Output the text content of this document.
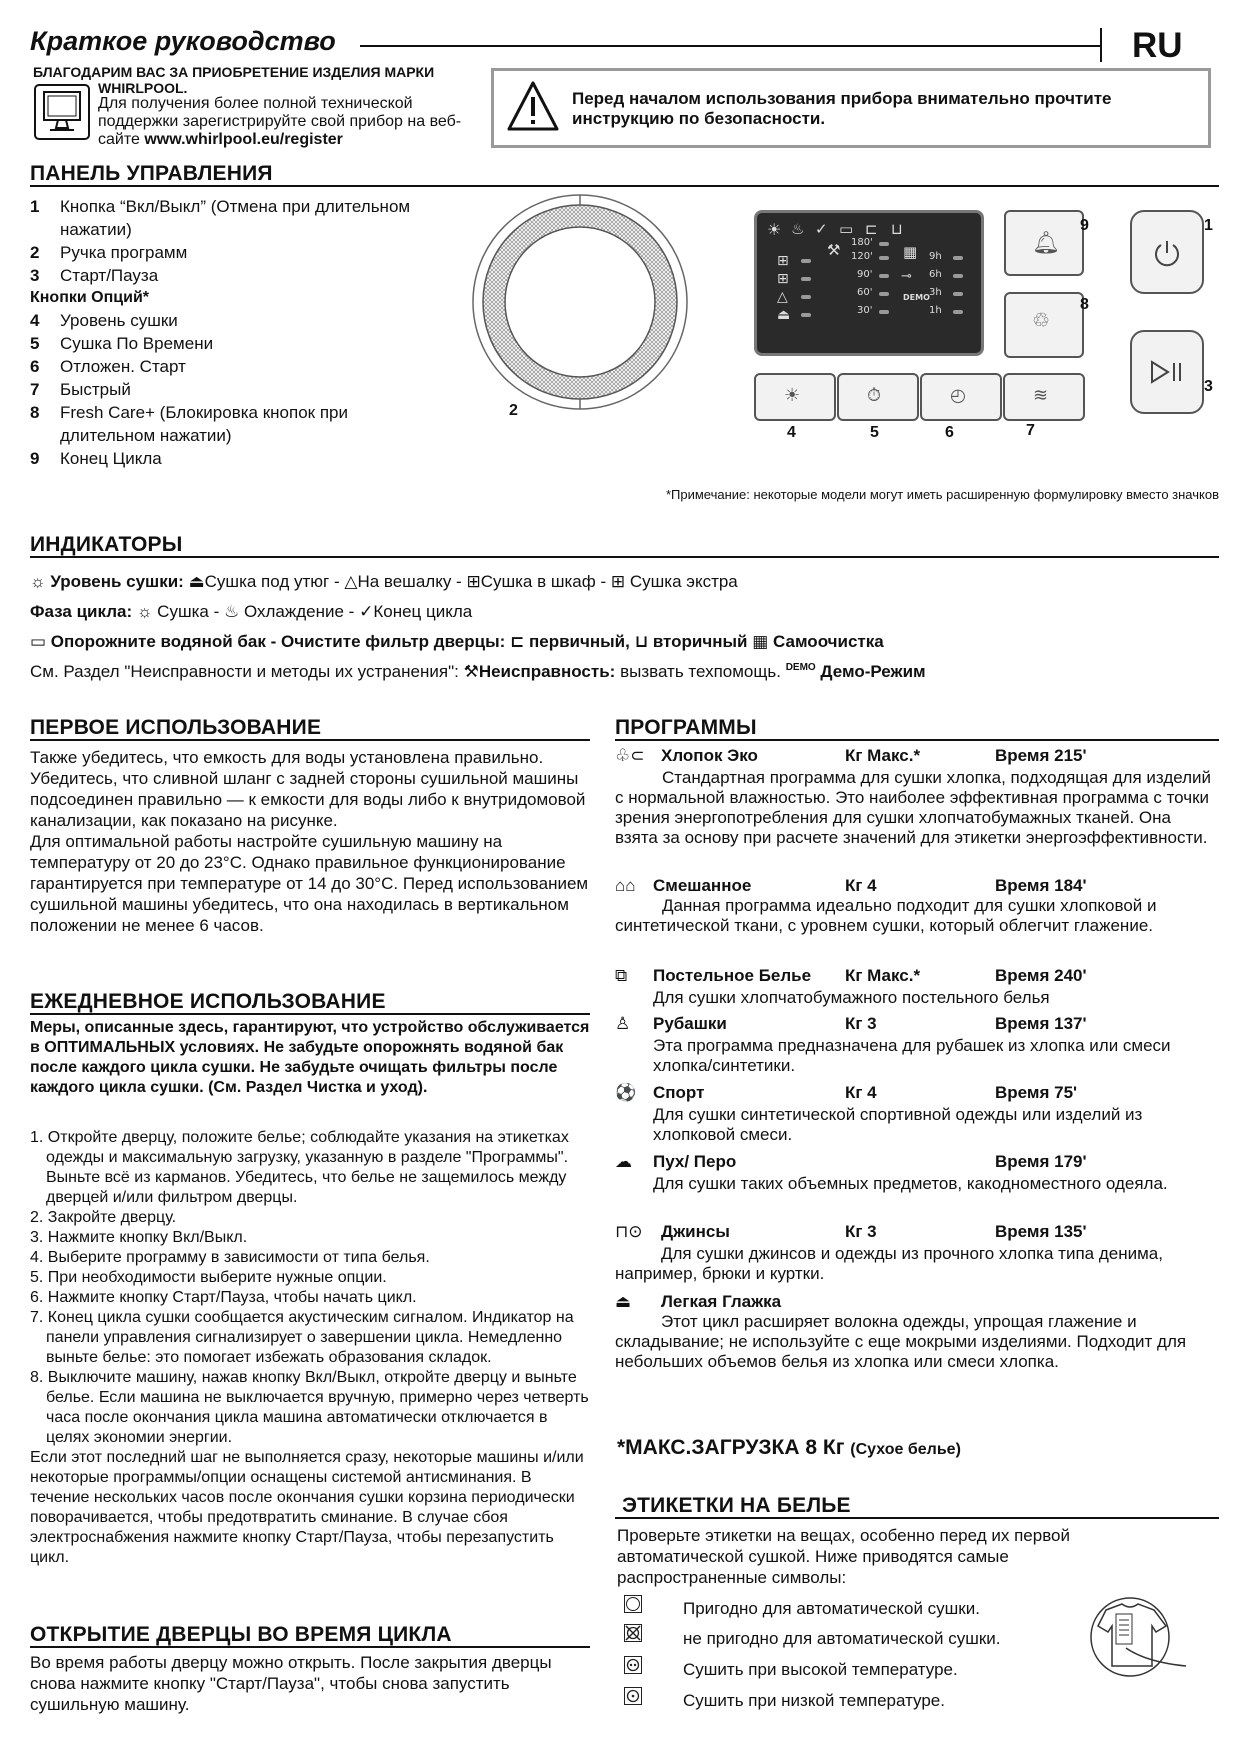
Краткое руководство	RU
БЛАГОДАРИМ ВАС ЗА ПРИОБРЕТЕНИЕ ИЗДЕЛИЯ МАРКИ
WHIRLPOOL.
Для получения более полной технической поддержки зарегистрируйте свой прибор на веб-сайте www.whirlpool.eu/register
Перед началом использования прибора внимательно прочтите инструкцию по безопасности.
ПАНЕЛЬ УПРАВЛЕНИЯ
1	Кнопка “Вкл/Выкл” (Отмена при длительном нажатии)
2	Ручка программ
3	Старт/Пауза
Кнопки Опций*
4	Уровень сушки
5	Сушка По Времени
6	Отложен. Старт
7	Быстрый
8	Fresh Care+ (Блокировка кнопок при длительном нажатии)
9	Конец Цикла
2
☀ ♨ ✓ ▭ ⊏ ⊔
⊞
⊞
△
⏏
⚒ 180'
120'
90'
60'
30'
▦
⊸
DEMO
9h
6h
3h
1h
☀	⏱	◴	≋
4	5	6	7
🔔︎
9
♲
8
1
3
*Примечание: некоторые модели могут иметь расширенную формулировку вместо значков
ИНДИКАТОРЫ
☼ Уровень сушки: ⏏Сушка под утюг - △На вешалку - ⊞Сушка в шкаф - ⊞ Сушка экстра
Фаза цикла: ☼ Сушка - ♨ Охлаждение - ✓Конец цикла
▭ Опорожните водяной бак - Очистите фильтр дверцы: ⊏ первичный, ⊔ вторичный ▦ Самоочистка
См. Раздел "Неисправности и методы их устранения": ⚒Неисправность: вызвать техпомощь. $^{DEMO}$ Демо-Режим
ПЕРВОЕ ИСПОЛЬЗОВАНИЕ
Также убедитесь, что емкость для воды установлена правильно. Убедитесь, что сливной шланг с задней стороны сушильной машины подсоединен правильно — к емкости для воды либо к внутридомовой канализации, как показано на рисунке.
Для оптимальной работы настройте сушильную машину на температуру от 20 до 23°C. Однако правильное функционирование гарантируется при температуре от 14 до 30°C. Перед использованием сушильной машины убедитесь, что она находилась в вертикальном положении не менее 6 часов.
ЕЖЕДНЕВНОЕ ИСПОЛЬЗОВАНИЕ
Меры, описанные здесь, гарантируют, что устройство обслуживается в ОПТИМАЛЬНЫХ условиях. Не забудьте опорожнять водяной бак после каждого цикла сушки. Не забудьте очищать фильтры после каждого цикла сушки. (См. Раздел Чистка и уход).
1. Откройте дверцу, положите белье; соблюдайте указания на этикетках одежды и максимальную загрузку, указанную в разделе "Программы". Выньте всё из карманов. Убедитесь, что белье не защемилось между дверцей и/или фильтром дверцы.
2. Закройте дверцу.
3. Нажмите кнопку Вкл/Выкл.
4. Выберите программу в зависимости от типа белья.
5. При необходимости выберите нужные опции.
6. Нажмите кнопку Старт/Пауза, чтобы начать цикл.
7. Конец цикла сушки сообщается акустическим сигналом. Индикатор на панели управления сигнализирует о завершении цикла. Немедленно выньте белье: это помогает избежать образования складок.
8. Выключите машину, нажав кнопку Вкл/Выкл, откройте дверцу и выньте белье. Если машина не выключается вручную, примерно через четверть часа после окончания цикла машина автоматически отключается в целях экономии энергии.
Если этот последний шаг не выполняется сразу, некоторые машины и/или некоторые программы/опции оснащены системой антисминания. В течение нескольких часов после окончания сушки корзина периодически поворачивается, чтобы предотвратить сминание. В случае сбоя электроснабжения нажмите кнопку Старт/Пауза, чтобы перезапустить цикл.
ОТКРЫТИЕ ДВЕРЦЫ ВО ВРЕМЯ ЦИКЛА
Во время работы дверцу можно открыть. После закрытия дверцы снова нажмите кнопку "Старт/Пауза", чтобы снова запустить сушильную машину.
ПРОГРАММЫ
♧⊂ Хлопок Эко	Кг Макс.*	Время 215'
Стандартная программа для сушки хлопка, подходящая для изделий с нормальной влажностью. Это наиболее эффективная программа с точки зрения энергопотребления для сушки хлопчатобумажных тканей. Она взята за основу при расчете значений для этикетки энергоэффективности.
⌂⌂ Смешанное	Кг 4	Время 184'
Данная программа идеально подходит для сушки хлопковой и синтетической ткани, с уровнем сушки, который облегчит глажение.
⧉ Постельное Белье Кг Макс.*	Время 240'
Для сушки хлопчатобумажного постельного белья
♙ Рубашки	Кг 3	Время 137'
Эта программа предназначена для рубашек из хлопка или смеси хлопка/синтетики.
⚽ Спорт	Кг 4	Время 75'
Для сушки синтетической спортивной одежды или изделий из хлопковой смеси.
☁ Пух/ Перо	Время 179'
Для сушки таких объемных предметов, какодноместного одеяла.
⊓⊙ Джинсы	Кг 3	Время 135'
Для сушки джинсов и одежды из прочного хлопка типа денима, например, брюки и куртки.
⏏ Легкая Глажка
Этот цикл расширяет волокна одежды, упрощая глажение и складывание; не используйте с еще мокрыми изделиями. Подходит для небольших объемов белья из хлопка или смеси хлопка.
*МАКС.ЗАГРУЗКА 8 Кг (Сухое белье)
ЭТИКЕТКИ НА БЕЛЬЕ
Проверьте этикетки на вещах, особенно перед их первой автоматической сушкой. Ниже приводятся самые распространенные символы:
Пригодно для автоматической сушки.
не пригодно для автоматической сушки.
Сушить при высокой температуре.
Сушить при низкой температуре.
